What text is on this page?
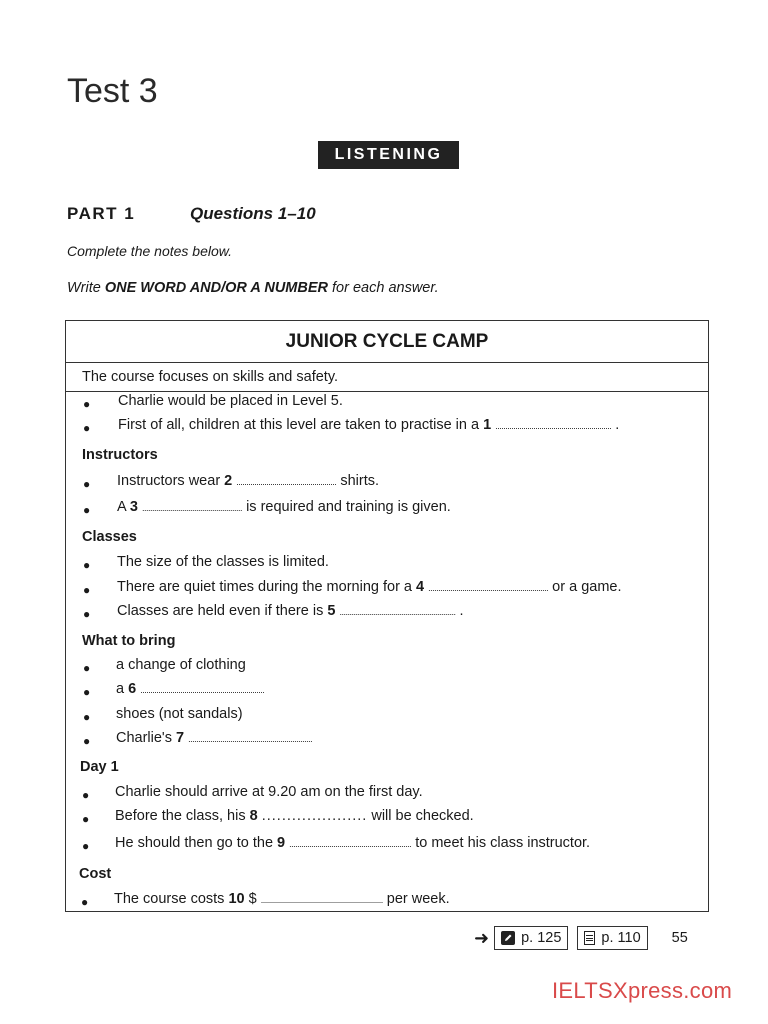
Test 3
LISTENING
PART 1	Questions 1–10
Complete the notes below.
Write ONE WORD AND/OR A NUMBER for each answer.
JUNIOR CYCLE CAMP
The course focuses on skills and safety.
● Charlie would be placed in Level 5.
● First of all, children at this level are taken to practise in a 1 .......................................................... .
Instructors
● Instructors wear 2 .................................................. shirts.
● A 3 .................................................. is required and training is given.
Classes
● The size of the classes is limited.
● There are quiet times during the morning for a 4 ............................................................ or a game.
● Classes are held even if there is 5 .......................................................... .
What to bring
● a change of clothing
● a 6 ..............................................................
● shoes (not sandals)
● Charlie's 7 ..............................................................
Day 1
● Charlie should arrive at 9.20 am on the first day.
● Before the class, his 8 ..................... will be checked.
● He should then go to the 9 ............................................................. to meet his class instructor.
Cost
● The course costs 10 $ ............................................................. per week.
➜ p. 125	p. 110 55
IELTSXpress.com
